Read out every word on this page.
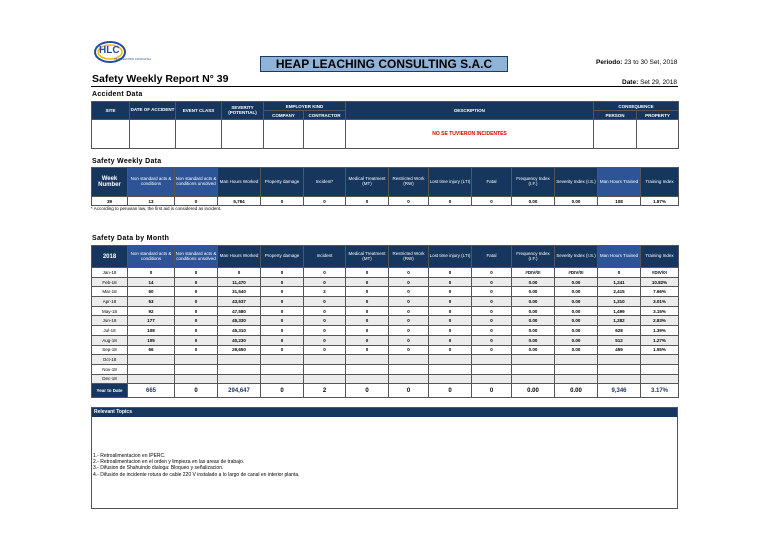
HLC
HEAP LEACHING CONSULTING	HEAP LEACHING CONSULTING S.A.C	Periodo: 23 to 30 Set, 2018
Safety Weekly Report N° 39	Date: Set 29, 2018
Accident Data
SITE	DATE OF ACCIDENT	EVENT CLASS	SEVERITY (POTENTIAL)	EMPLOYER KIND		DESCRIPTION	CONSEQUENCE	
				COMPANY	CONTRACTOR		PERSON	PROPERTY
						NO SE TUVIERON INCIDENTES		
Safety Weekly Data
Week Number	Non standard acts & conditions	Non standard acts & conditions unsolved	Man Hours Worked	Property damage	Incident*	Medical Treatment (MT)	Restricted Work (RW)	Lost time injury (LTI)	Fatal	Frequency Index (I.F.)	Severity Index (I.S.)	Man Hours Trained	Training Index
39	13	0	5,784	0	0	0	0	0	0	0.00	0.00	108	1.87%
* According to peruvian law, the first aid is considered as incident.
Safety Data by Month
2018	Non standard acts & conditions	Non standard acts & conditions unsolved	Man Hours Worked	Property damage	Incident	Medical Treatment (MT)	Restricted Work (RW)	Lost time injury (LTI)	Fatal	Frequency Index (I.F.)	Severity Index (I.S.)	Man Hours Trained	Training Index
Jan-18	0	0	0	0	0	0	0	0	0	#DIV/0!	#DIV/0!	0	#DIV/0!
Feb-18	14	0	11,470	0	0	0	0	0	0	0.00	0.00	1,241	10.82%
Mar-18	50	0	31,540	0	2	0	0	0	0	0.00	0.00	2,415	7.66%
Apr-18	53	0	43,537	0	0	0	0	0	0	0.00	0.00	1,310	3.01%
May-18	92	0	47,580	0	0	0	0	0	0	0.00	0.00	1,499	3.15%
Jun-18	177	0	45,330	0	0	0	0	0	0	0.00	0.00	1,282	2.83%
Jul-18	108	0	45,310	0	0	0	0	0	0	0.00	0.00	628	1.39%
Aug-18	105	0	40,230	0	0	0	0	0	0	0.00	0.00	512	1.27%
Sep-18	66	0	29,650	0	0	0	0	0	0	0.00	0.00	459	1.55%
Oct-18													
Nov-18													
Dec-18													
Year to Date	665	0	294,647	0	2	0	0	0	0	0.00	0.00	9,346	3.17%
Relevant Topics
1.- Retroalimentacion en IPERC.
2.- Retroalimentacion en el orden y limpieza en las areas de trabajo.
3.- Difusion de Shahuindo dialoga: Bloqueo y señalizacion.
4.- Difusión de incidente rotura de cable 220 V instalado a lo largo de canal en interior planta.
